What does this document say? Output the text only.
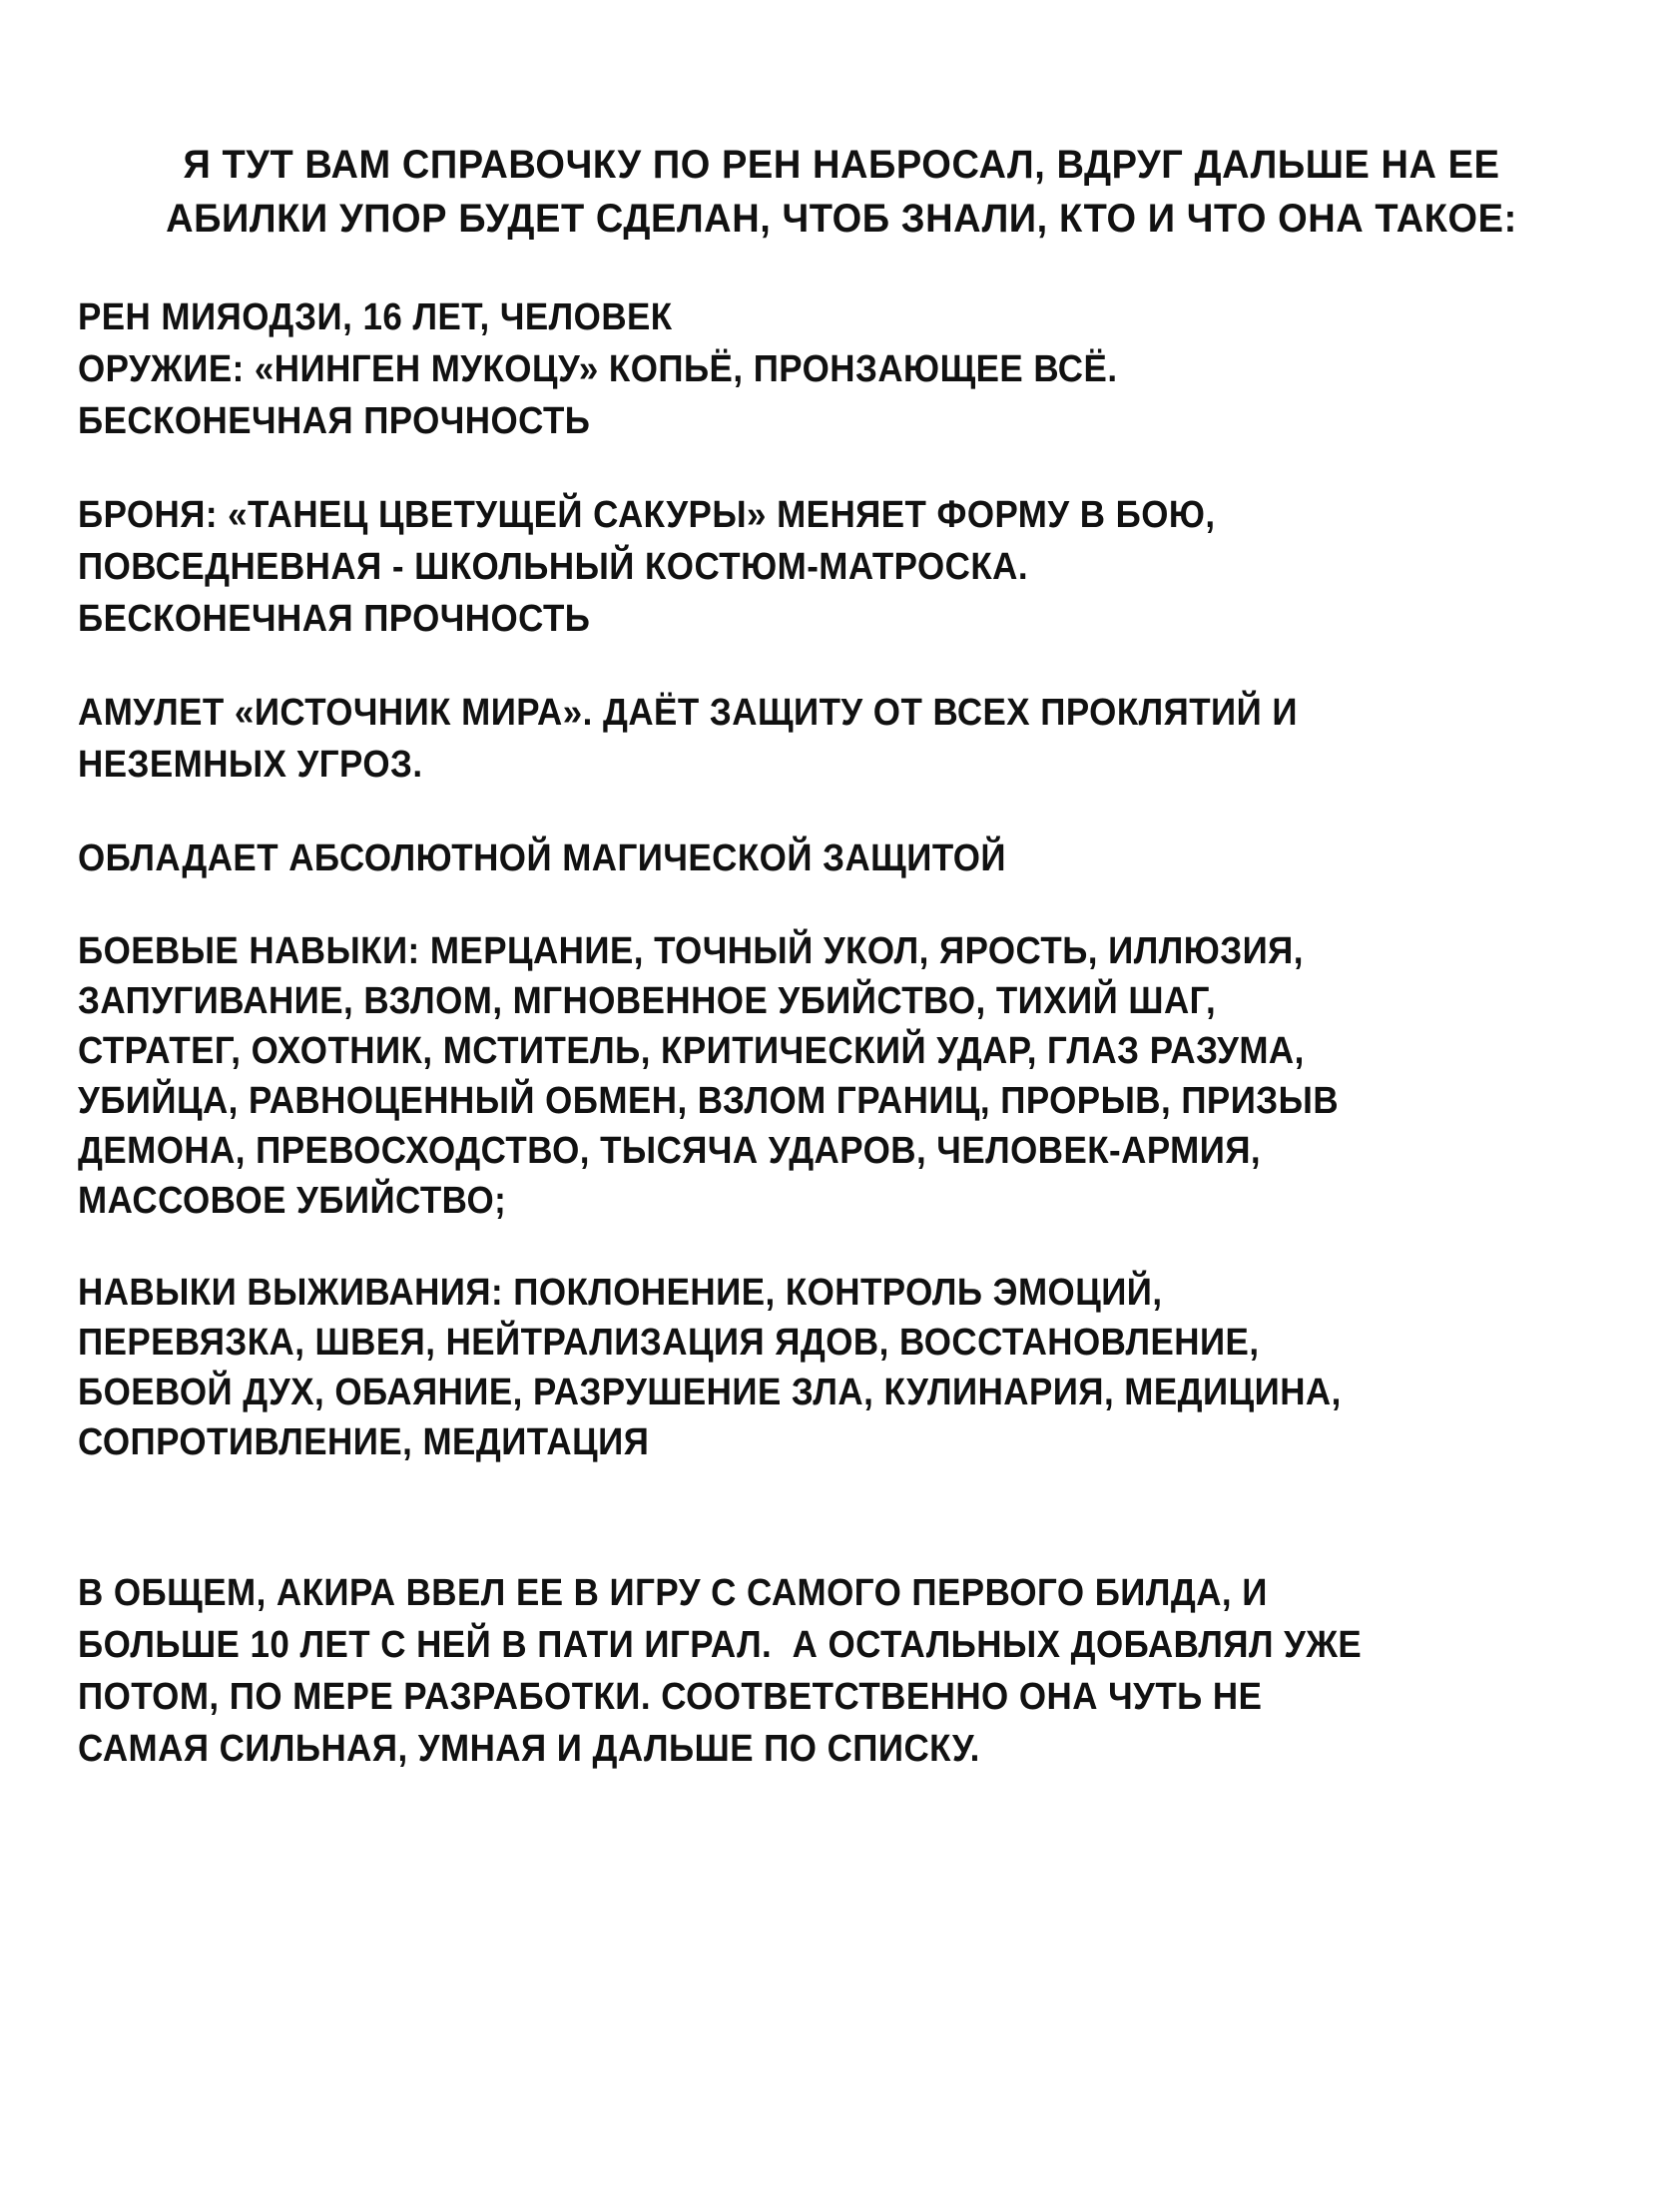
Я ТУТ ВАМ СПРАВОЧКУ ПО РЕН НАБРОСАЛ, ВДРУГ ДАЛЬШЕ НА ЕЕ
АБИЛКИ УПОР БУДЕТ СДЕЛАН, ЧТОБ ЗНАЛИ, КТО И ЧТО ОНА ТАКОЕ:
РЕН МИЯОДЗИ, 16 ЛЕТ, ЧЕЛОВЕК
ОРУЖИЕ: «НИНГЕН МУКОЦУ» КОПЬЁ, ПРОНЗАЮЩЕЕ ВСЁ.
БЕСКОНЕЧНАЯ ПРОЧНОСТЬ
БРОНЯ: «ТАНЕЦ ЦВЕТУЩЕЙ САКУРЫ» МЕНЯЕТ ФОРМУ В БОЮ,
ПОВСЕДНЕВНАЯ - ШКОЛЬНЫЙ КОСТЮМ-МАТРОСКА.
БЕСКОНЕЧНАЯ ПРОЧНОСТЬ
АМУЛЕТ «ИСТОЧНИК МИРА». ДАЁТ ЗАЩИТУ ОТ ВСЕХ ПРОКЛЯТИЙ И
НЕЗЕМНЫХ УГРОЗ.
ОБЛАДАЕТ АБСОЛЮТНОЙ МАГИЧЕСКОЙ ЗАЩИТОЙ
БОЕВЫЕ НАВЫКИ: МЕРЦАНИЕ, ТОЧНЫЙ УКОЛ, ЯРОСТЬ, ИЛЛЮЗИЯ,
ЗАПУГИВАНИЕ, ВЗЛОМ, МГНОВЕННОЕ УБИЙСТВО, ТИХИЙ ШАГ,
СТРАТЕГ, ОХОТНИК, МСТИТЕЛЬ, КРИТИЧЕСКИЙ УДАР, ГЛАЗ РАЗУМА,
УБИЙЦА, РАВНОЦЕННЫЙ ОБМЕН, ВЗЛОМ ГРАНИЦ, ПРОРЫВ, ПРИЗЫВ
ДЕМОНА, ПРЕВОСХОДСТВО, ТЫСЯЧА УДАРОВ, ЧЕЛОВЕК-АРМИЯ,
МАССОВОЕ УБИЙСТВО;
НАВЫКИ ВЫЖИВАНИЯ: ПОКЛОНЕНИЕ, КОНТРОЛЬ ЭМОЦИЙ,
ПЕРЕВЯЗКА, ШВЕЯ, НЕЙТРАЛИЗАЦИЯ ЯДОВ, ВОССТАНОВЛЕНИЕ,
БОЕВОЙ ДУХ, ОБАЯНИЕ, РАЗРУШЕНИЕ ЗЛА, КУЛИНАРИЯ, МЕДИЦИНА,
СОПРОТИВЛЕНИЕ, МЕДИТАЦИЯ
В ОБЩЕМ, АКИРА ВВЕЛ ЕЕ В ИГРУ С САМОГО ПЕРВОГО БИЛДА, И
БОЛЬШЕ 10 ЛЕТ С НЕЙ В ПАТИ ИГРАЛ.  А ОСТАЛЬНЫХ ДОБАВЛЯЛ УЖЕ
ПОТОМ, ПО МЕРЕ РАЗРАБОТКИ. СООТВЕТСТВЕННО ОНА ЧУТЬ НЕ
САМАЯ СИЛЬНАЯ, УМНАЯ И ДАЛЬШЕ ПО СПИСКУ.
